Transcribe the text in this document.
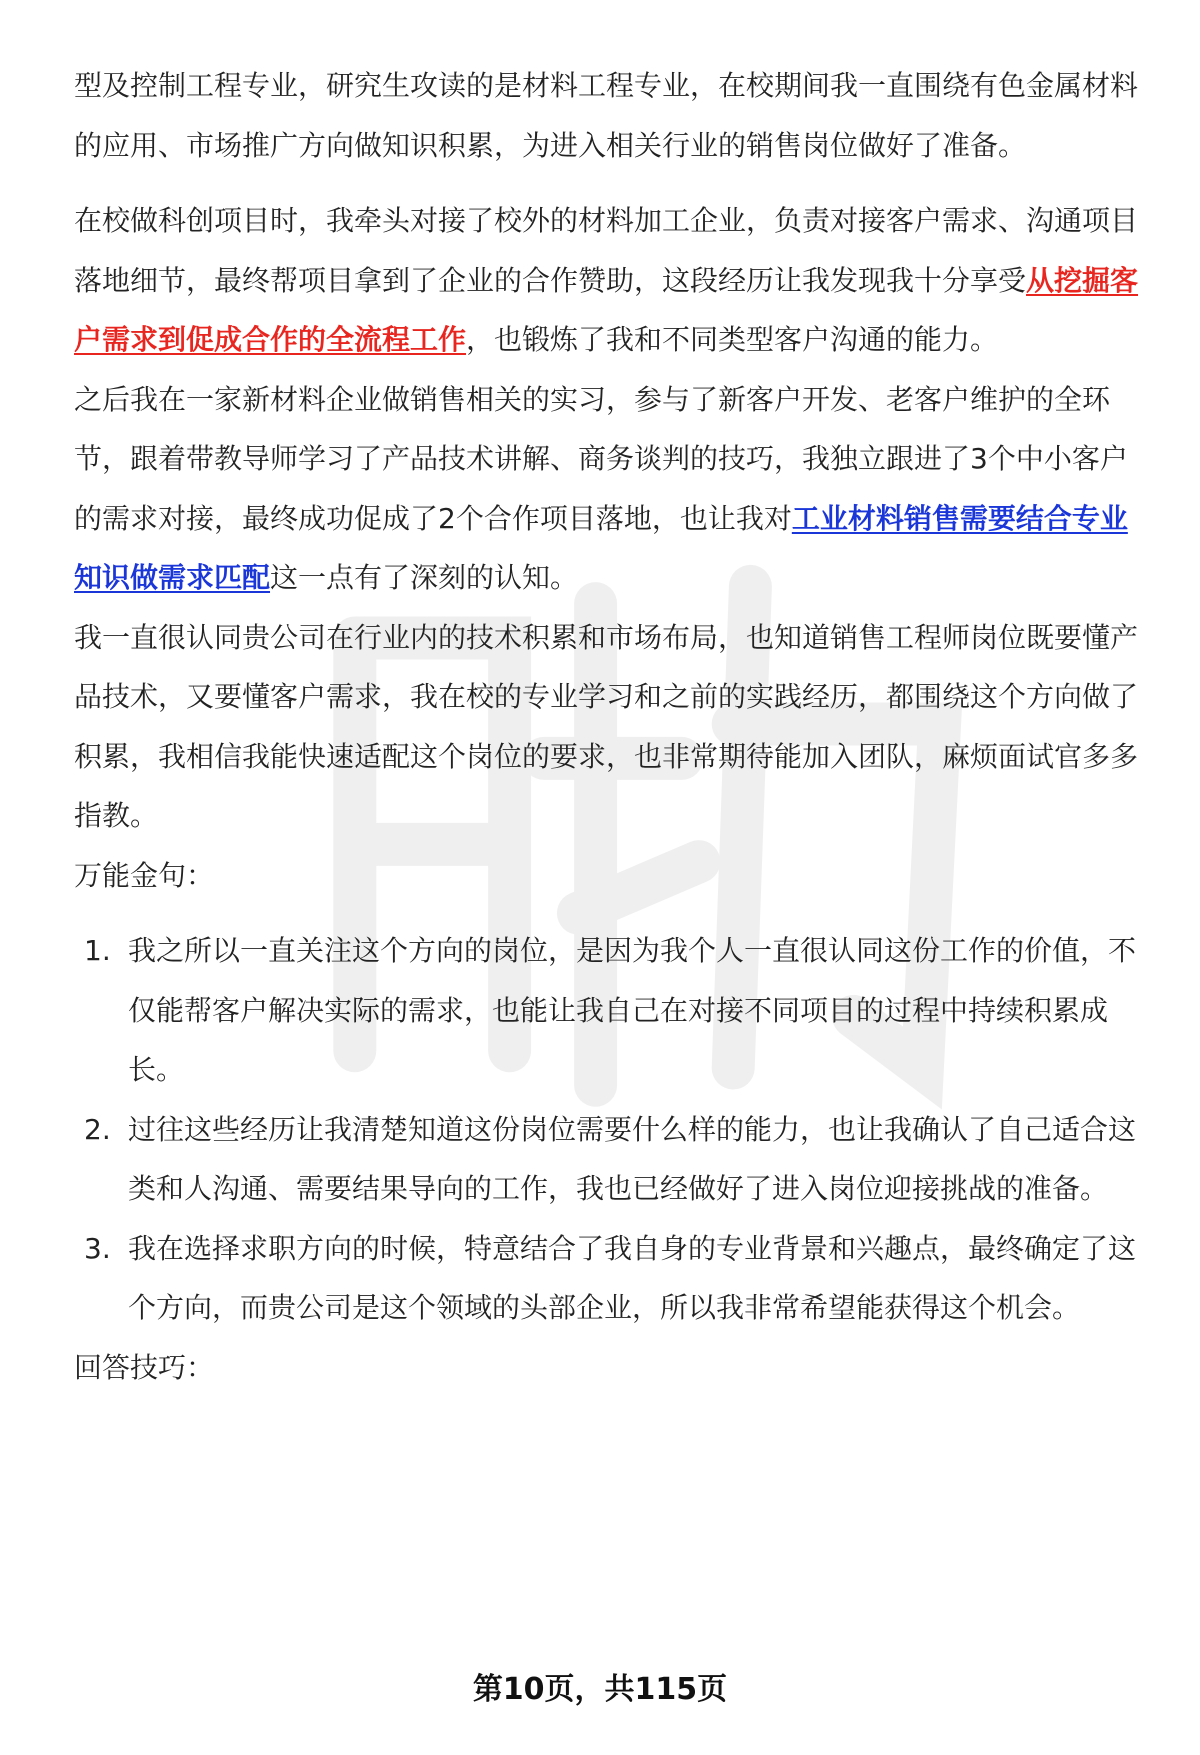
型及控制工程专业，研究生攻读的是材料工程专业，在校期间我一直围绕有色金属材料的应用、市场推广方向做知识积累，为进入相关行业的销售岗位做好了准备。

在校做科创项目时，我牵头对接了校外的材料加工企业，负责对接客户需求、沟通项目落地细节，最终帮项目拿到了企业的合作赞助，这段经历让我发现我十分享受从挖掘客户需求到促成合作的全流程工作，也锻炼了我和不同类型客户沟通的能力。

之后我在一家新材料企业做销售相关的实习，参与了新客户开发、老客户维护的全环节，跟着带教导师学习了产品技术讲解、商务谈判的技巧，我独立跟进了3个中小客户的需求对接，最终成功促成了2个合作项目落地，也让我对工业材料销售需要结合专业知识做需求匹配这一点有了深刻的认知。

我一直很认同贵公司在行业内的技术积累和市场布局，也知道销售工程师岗位既要懂产品技术，又要懂客户需求，我在校的专业学习和之前的实践经历，都围绕这个方向做了积累，我相信我能快速适配这个岗位的要求，也非常期待能加入团队，麻烦面试官多多指教。

万能金句：

1. 我之所以一直关注这个方向的岗位，是因为我个人一直很认同这份工作的价值，不仅能帮客户解决实际的需求，也能让我自己在对接不同项目的过程中持续积累成长。
2. 过往这些经历让我清楚知道这份岗位需要什么样的能力，也让我确认了自己适合这类和人沟通、需要结果导向的工作，我也已经做好了进入岗位迎接挑战的准备。
3. 我在选择求职方向的时候，特意结合了我自身的专业背景和兴趣点，最终确定了这个方向，而贵公司是这个领域的头部企业，所以我非常希望能获得这个机会。

回答技巧：

第10页，共115页
